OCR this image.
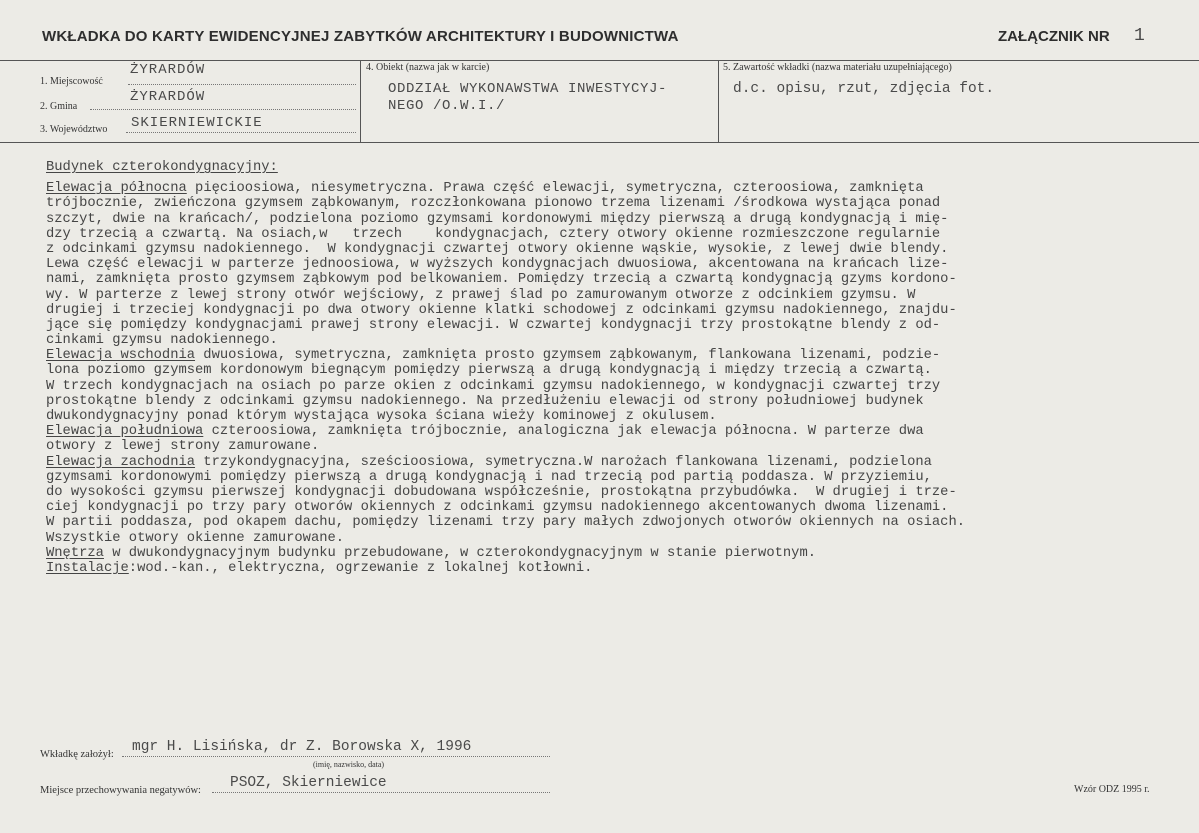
WKŁADKA DO KARTY EWIDENCYJNEJ ZABYTKÓW ARCHITEKTURY I BUDOWNICTWA	ZAŁĄCZNIK NR 1
1. Miejscowość
ŻYRARDÓW
2. Gmina
ŻYRARDÓW
3. Województwo SKIERNIEWICKIE
4. Obiekt (nazwa jak w karcie)
ODDZIAŁ WYKONAWSTWA INWESTYCYJ-
NEGO /O.W.I./
5. Zawartość wkładki (nazwa materiału uzupełniającego)
d.c. opisu, rzut, zdjęcia fot.
Budynek czterokondygnacyjny:
Elewacja północna pięcioosiowa, niesymetryczna. Prawa część elewacji, symetryczna, czteroosiowa, zamknięta
trójbocznie, zwieńczona gzymsem ząbkowanym, rozczłonkowana pionowo trzema lizenami /środkowa wystająca ponad
szczyt, dwie na krańcach/, podzielona poziomo gzymsami kordonowymi między pierwszą a drugą kondygnacją i mię-
dzy trzecią a czwartą. Na osiach,w   trzech    kondygnacjach, cztery otwory okienne rozmieszczone regularnie
z odcinkami gzymsu nadokiennego.  W kondygnacji czwartej otwory okienne wąskie, wysokie, z lewej dwie blendy.
Lewa część elewacji w parterze jednoosiowa, w wyższych kondygnacjach dwuosiowa, akcentowana na krańcach lize-
nami, zamknięta prosto gzymsem ząbkowym pod belkowaniem. Pomiędzy trzecią a czwartą kondygnacją gzyms kordono-
wy. W parterze z lewej strony otwór wejściowy, z prawej ślad po zamurowanym otworze z odcinkiem gzymsu. W
drugiej i trzeciej kondygnacji po dwa otwory okienne klatki schodowej z odcinkami gzymsu nadokiennego, znajdu-
jące się pomiędzy kondygnacjami prawej strony elewacji. W czwartej kondygnacji trzy prostokątne blendy z od-
cinkami gzymsu nadokiennego.
Elewacja wschodnia dwuosiowa, symetryczna, zamknięta prosto gzymsem ząbkowanym, flankowana lizenami, podzie-
lona poziomo gzymsem kordonowym biegnącym pomiędzy pierwszą a drugą kondygnacją i między trzecią a czwartą.
W trzech kondygnacjach na osiach po parze okien z odcinkami gzymsu nadokiennego, w kondygnacji czwartej trzy
prostokątne blendy z odcinkami gzymsu nadokiennego. Na przedłużeniu elewacji od strony południowej budynek
dwukondygnacyjny ponad którym wystająca wysoka ściana wieży kominowej z okulusem.
Elewacja południowa czteroosiowa, zamknięta trójbocznie, analogiczna jak elewacja północna. W parterze dwa
otwory z lewej strony zamurowane.
Elewacja zachodnia trzykondygnacyjna, sześcioosiowa, symetryczna.W narożach flankowana lizenami, podzielona
gzymsami kordonowymi pomiędzy pierwszą a drugą kondygnacją i nad trzecią pod partią poddasza. W przyziemiu,
do wysokości gzymsu pierwszej kondygnacji dobudowana współcześnie, prostokątna przybudówka.  W drugiej i trze-
ciej kondygnacji po trzy pary otworów okiennych z odcinkami gzymsu nadokiennego akcentowanych dwoma lizenami.
W partii poddasza, pod okapem dachu, pomiędzy lizenami trzy pary małych zdwojonych otworów okiennych na osiach.
Wszystkie otwory okienne zamurowane.
Wnętrza w dwukondygnacyjnym budynku przebudowane, w czterokondygnacyjnym w stanie pierwotnym.
Instalacje:wod.-kan., elektryczna, ogrzewanie z lokalnej kotłowni.
Wkładkę założył: mgr H. Lisińska, dr Z. Borowska X, 1996
(imię, nazwisko, data)
Miejsce przechowywania negatywów: PSOZ, Skierniewice	Wzór ODZ 1995 r.
